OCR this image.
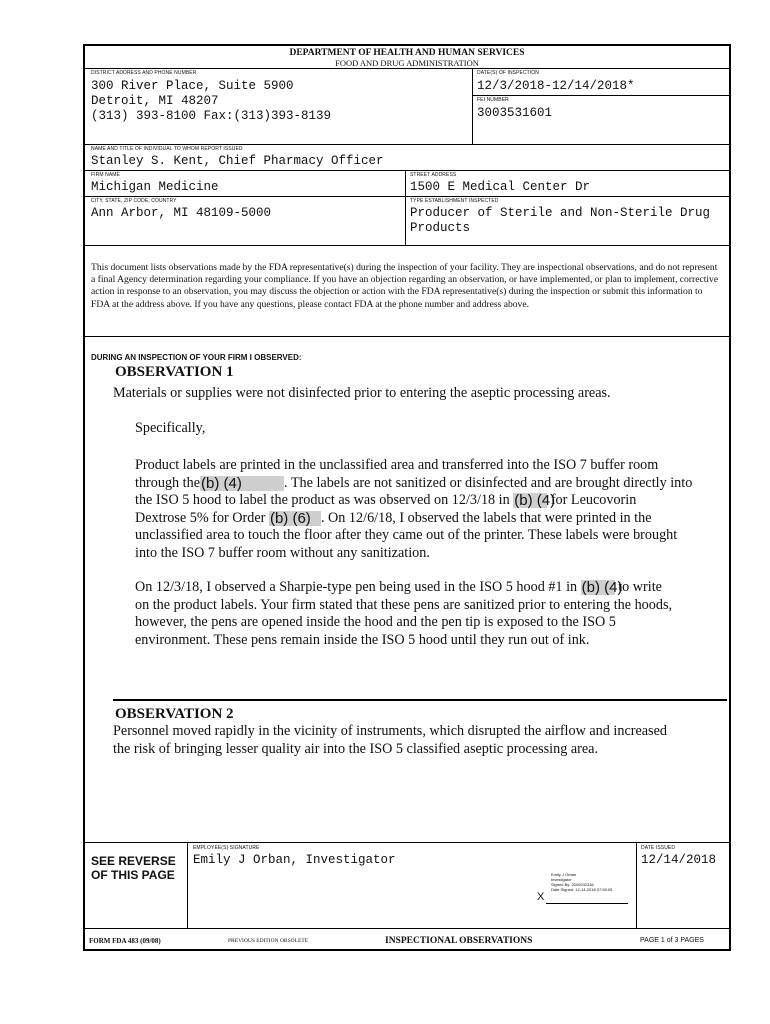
DEPARTMENT OF HEALTH AND HUMAN SERVICES
FOOD AND DRUG ADMINISTRATION
DISTRICT ADDRESS AND PHONE NUMBER
300 River Place, Suite 5900
Detroit, MI 48207
(313) 393-8100 Fax:(313)393-8139
DATE(S) OF INSPECTION
12/3/2018-12/14/2018*
FEI NUMBER
3003531601
NAME AND TITLE OF INDIVIDUAL TO WHOM REPORT ISSUED
Stanley S. Kent, Chief Pharmacy Officer
FIRM NAME
Michigan Medicine
STREET ADDRESS
1500 E Medical Center Dr
CITY, STATE, ZIP CODE, COUNTRY
Ann Arbor, MI 48109-5000
TYPE ESTABLISHMENT INSPECTED
Producer of Sterile and Non-Sterile Drug
Products
This document lists observations made by the FDA representative(s) during the inspection of your facility. They are inspectional observations, and do not represent a final Agency determination regarding your compliance. If you have an objection regarding an observation, or have implemented, or plan to implement, corrective action in response to an observation, you may discuss the objection or action with the FDA representative(s) during the inspection or submit this information to FDA at the address above. If you have any questions, please contact FDA at the phone number and address above.
DURING AN INSPECTION OF YOUR FIRM I OBSERVED:
OBSERVATION 1
Materials or supplies were not disinfected prior to entering the aseptic processing areas.
Specifically,
Product labels are printed in the unclassified area and transferred into the ISO 7 buffer room
through the(b) (4)	. The labels are not sanitized or disinfected and are brought directly into
the ISO 5 hood to label the product as was observed on 12/3/18 in (b) (4) for Leucovorin
Dextrose 5% for Order (b) (6) . On 12/6/18, I observed the labels that were printed in the
unclassified area to touch the floor after they came out of the printer. These labels were brought
into the ISO 7 buffer room without any sanitization.
On 12/3/18, I observed a Sharpie-type pen being used in the ISO 5 hood #1 in (b) (4) to write
on the product labels. Your firm stated that these pens are sanitized prior to entering the hoods,
however, the pens are opened inside the hood and the pen tip is exposed to the ISO 5
environment. These pens remain inside the ISO 5 hood until they run out of ink.
OBSERVATION 2
Personnel moved rapidly in the vicinity of instruments, which disrupted the airflow and increased
the risk of bringing lesser quality air into the ISO 5 classified aseptic processing area.
SEE REVERSE
OF THIS PAGE
EMPLOYEE(S) SIGNATURE
Emily J Orban, Investigator
Emily J Orban
Investigator
Signed By: 2000532336
Date Signed: 12-14-2018 07:55:05
X
DATE ISSUED
12/14/2018
FORM FDA 483 (09/08)	PREVIOUS EDITION OBSOLETE	INSPECTIONAL OBSERVATIONS	PAGE 1 of 3 PAGES
